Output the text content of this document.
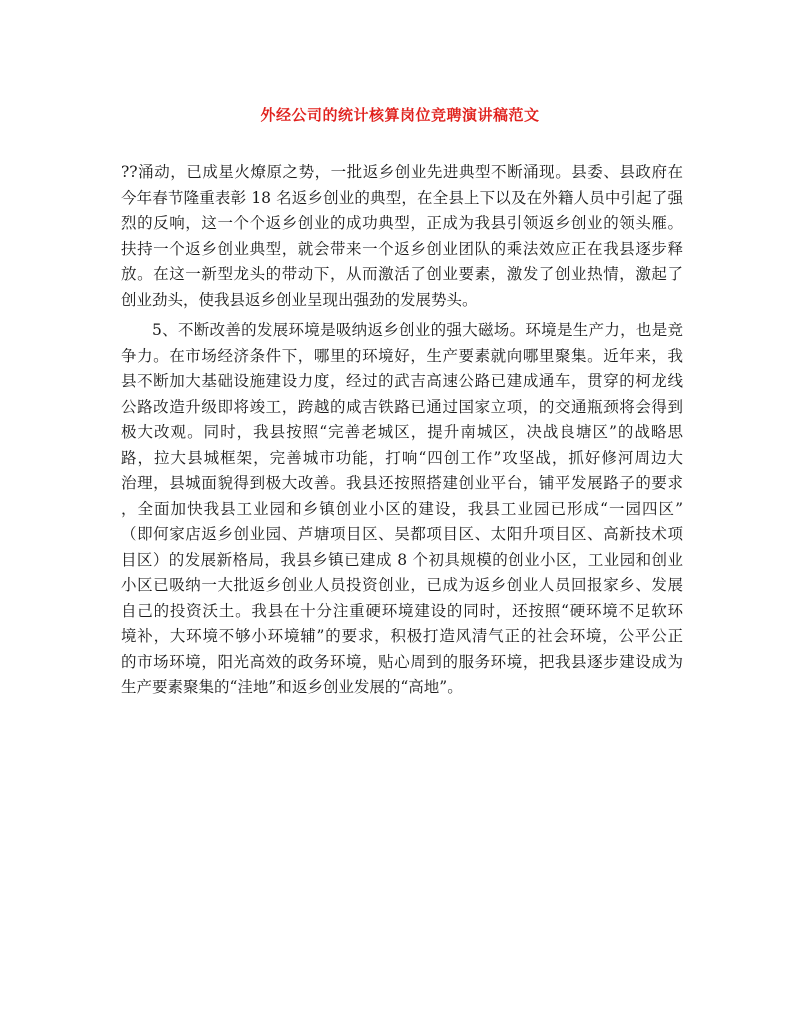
外经公司的统计核算岗位竞聘演讲稿范文
??涌动，已成星火燎原之势，一批返乡创业先进典型不断涌现。县委、县政府在
今年春节隆重表彰 18 名返乡创业的典型，在全县上下以及在外籍人员中引起了强
烈的反响，这一个个返乡创业的成功典型，正成为我县引领返乡创业的领头雁。
扶持一个返乡创业典型，就会带来一个返乡创业团队的乘法效应正在我县逐步释
放。在这一新型龙头的带动下，从而激活了创业要素，激发了创业热情，激起了
创业劲头，使我县返乡创业呈现出强劲的发展势头。
5、不断改善的发展环境是吸纳返乡创业的强大磁场。环境是生产力，也是竞
争力。在市场经济条件下，哪里的环境好，生产要素就向哪里聚集。近年来，我
县不断加大基础设施建设力度，经过的武吉高速公路已建成通车，贯穿的柯龙线
公路改造升级即将竣工，跨越的咸吉铁路已通过国家立项，的交通瓶颈将会得到
极大改观。同时，我县按照“完善老城区，提升南城区，决战良塘区”的战略思
路，拉大县城框架，完善城市功能，打响“四创工作”攻坚战，抓好修河周边大
治理，县城面貌得到极大改善。我县还按照搭建创业平台，铺平发展路子的要求
，全面加快我县工业园和乡镇创业小区的建设，我县工业园已形成“一园四区”
（即何家店返乡创业园、芦塘项目区、吴都项目区、太阳升项目区、高新技术项
目区）的发展新格局，我县乡镇已建成 8 个初具规模的创业小区，工业园和创业
小区已吸纳一大批返乡创业人员投资创业，已成为返乡创业人员回报家乡、发展
自己的投资沃土。我县在十分注重硬环境建设的同时，还按照“硬环境不足软环
境补，大环境不够小环境辅”的要求，积极打造风清气正的社会环境，公平公正
的市场环境，阳光高效的政务环境，贴心周到的服务环境，把我县逐步建设成为
生产要素聚集的“洼地”和返乡创业发展的“高地”。
